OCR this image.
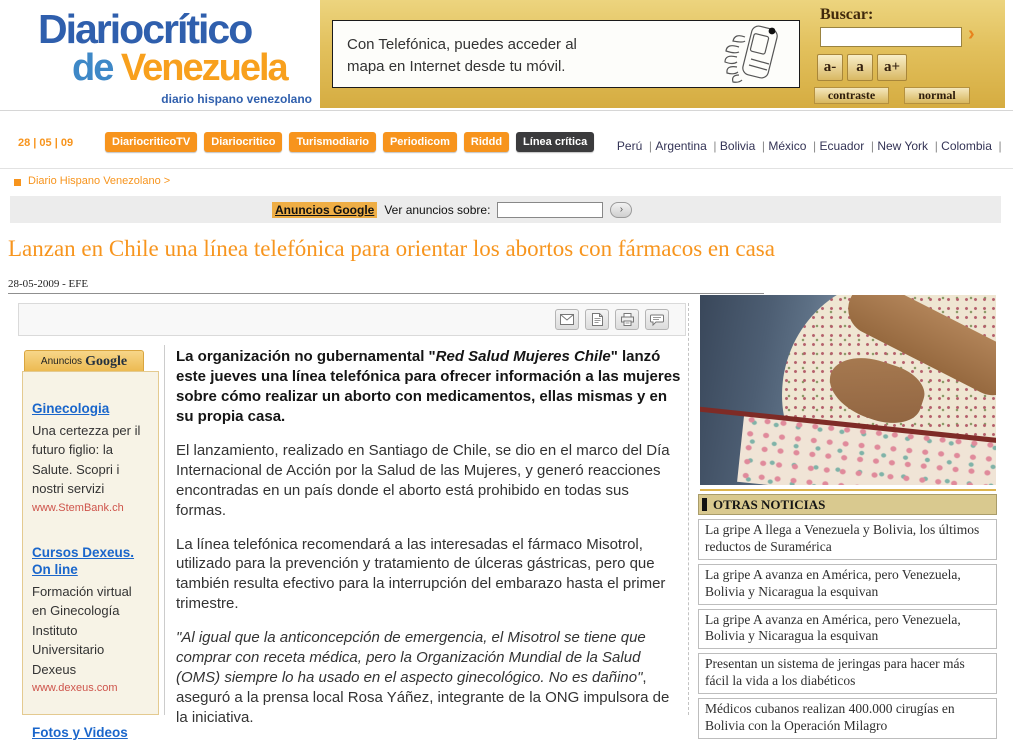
Diariocrítico
de Venezuela
diario hispano venezolano
Con Telefónica, puedes acceder al
mapa en Internet desde tu móvil.
Buscar:
›
a-	a	a+
contraste	normal
28 | 05 | 09	DiariocriticoTV	Diariocritico	Turismodiario	Periodicom	Riddd	Línea crítica	Perú  | Argentina  | Bolivia  | México  | Ecuador  | New York  | Colombia  |
Diario Hispano Venezolano >
Anuncios Google Ver anuncios sobre:	›
Lanzan en Chile una línea telefónica para orientar los abortos con fármacos en casa
28-05-2009 - EFE
Anuncios Google
Ginecologia
Una certezza per il futuro figlio: la Salute. Scopri i nostri servizi
www.StemBank.ch
Cursos Dexeus. On line
Formación virtual en Ginecología Instituto Universitario Dexeus
www.dexeus.com
Fotos y Videos

La organización no gubernamental "Red Salud Mujeres Chile" lanzó este jueves una línea telefónica para ofrecer información a las mujeres sobre cómo realizar un aborto con medicamentos, ellas mismas y en su propia casa.

El lanzamiento, realizado en Santiago de Chile, se dio en el marco del Día Internacional de Acción por la Salud de las Mujeres, y generó reacciones encontradas en un país donde el aborto está prohibido en todas sus formas.

La línea telefónica recomendará a las interesadas el fármaco Misotrol, utilizado para la prevención y tratamiento de úlceras gástricas, pero que también resulta efectivo para la interrupción del embarazo hasta el primer trimestre.

"Al igual que la anticoncepción de emergencia, el Misotrol se tiene que comprar con receta médica, pero la Organización Mundial de la Salud (OMS) siempre lo ha usado en el aspecto ginecológico. No es dañino", aseguró a la prensa local Rosa Yáñez, integrante de la ONG impulsora de la iniciativa.

OTRAS NOTICIAS
La gripe A llega a Venezuela y Bolivia, los últimos reductos de Suramérica
La gripe A avanza en América, pero Venezuela, Bolivia y Nicaragua la esquivan
La gripe A avanza en América, pero Venezuela, Bolivia y Nicaragua la esquivan
Presentan un sistema de jeringas para hacer más fácil la vida a los diabéticos
Médicos cubanos realizan 400.000 cirugías en Bolivia con la Operación Milagro
